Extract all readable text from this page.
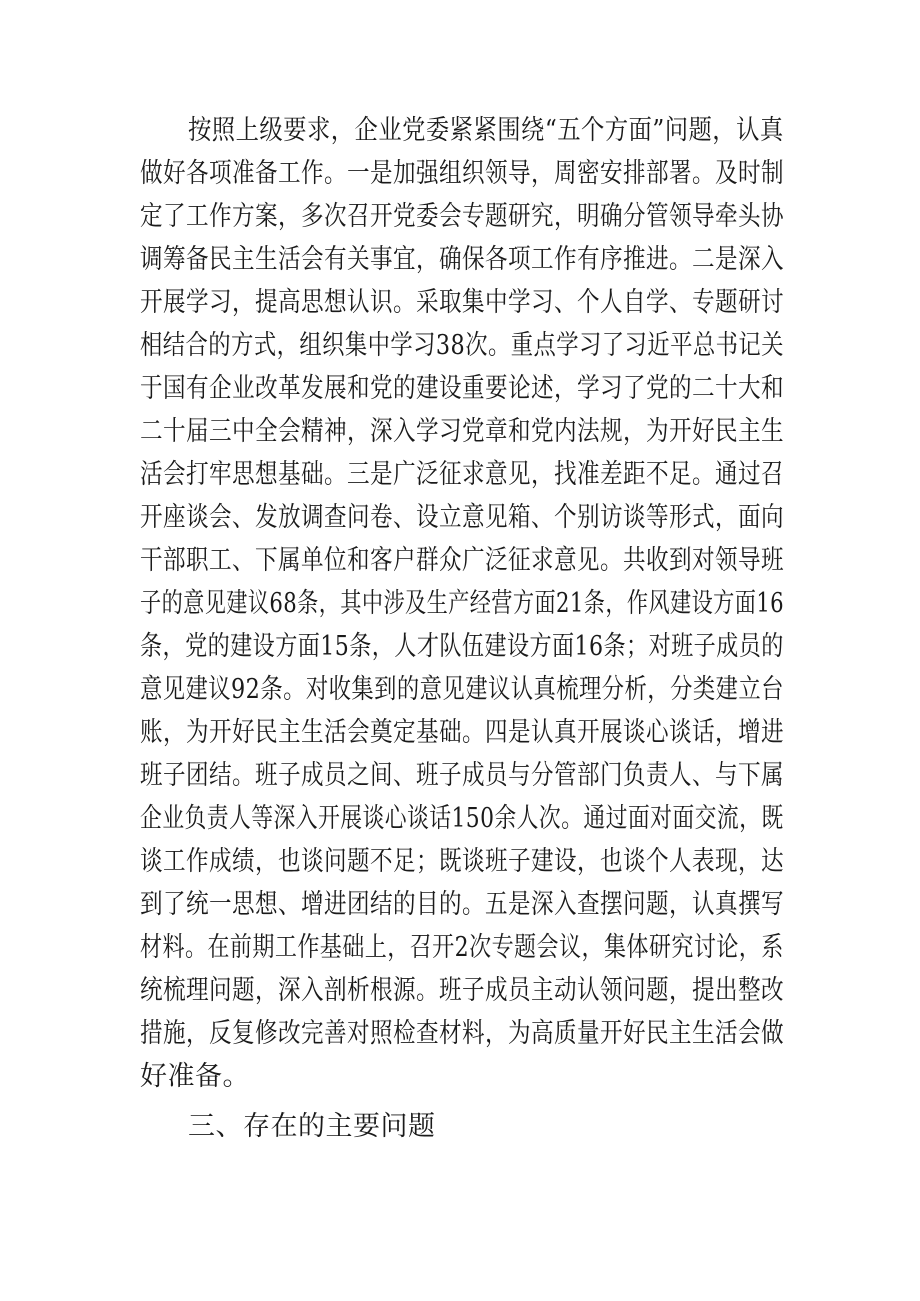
按照上级要求，企业党委紧紧围绕“五个方面”问题，认真
做好各项准备工作。一是加强组织领导，周密安排部署。及时制
定了工作方案，多次召开党委会专题研究，明确分管领导牵头协
调筹备民主生活会有关事宜，确保各项工作有序推进。二是深入
开展学习，提高思想认识。采取集中学习、个人自学、专题研讨
相结合的方式，组织集中学习38次。重点学习了习近平总书记关
于国有企业改革发展和党的建设重要论述，学习了党的二十大和
二十届三中全会精神，深入学习党章和党内法规，为开好民主生
活会打牢思想基础。三是广泛征求意见，找准差距不足。通过召
开座谈会、发放调查问卷、设立意见箱、个别访谈等形式，面向
干部职工、下属单位和客户群众广泛征求意见。共收到对领导班
子的意见建议68条，其中涉及生产经营方面21条，作风建设方面16
条，党的建设方面15条，人才队伍建设方面16条；对班子成员的
意见建议92条。对收集到的意见建议认真梳理分析，分类建立台
账，为开好民主生活会奠定基础。四是认真开展谈心谈话，增进
班子团结。班子成员之间、班子成员与分管部门负责人、与下属
企业负责人等深入开展谈心谈话150余人次。通过面对面交流，既
谈工作成绩，也谈问题不足；既谈班子建设，也谈个人表现，达
到了统一思想、增进团结的目的。五是深入查摆问题，认真撰写
材料。在前期工作基础上，召开2次专题会议，集体研究讨论，系
统梳理问题，深入剖析根源。班子成员主动认领问题，提出整改
措施，反复修改完善对照检查材料，为高质量开好民主生活会做
好准备。
三、存在的主要问题
